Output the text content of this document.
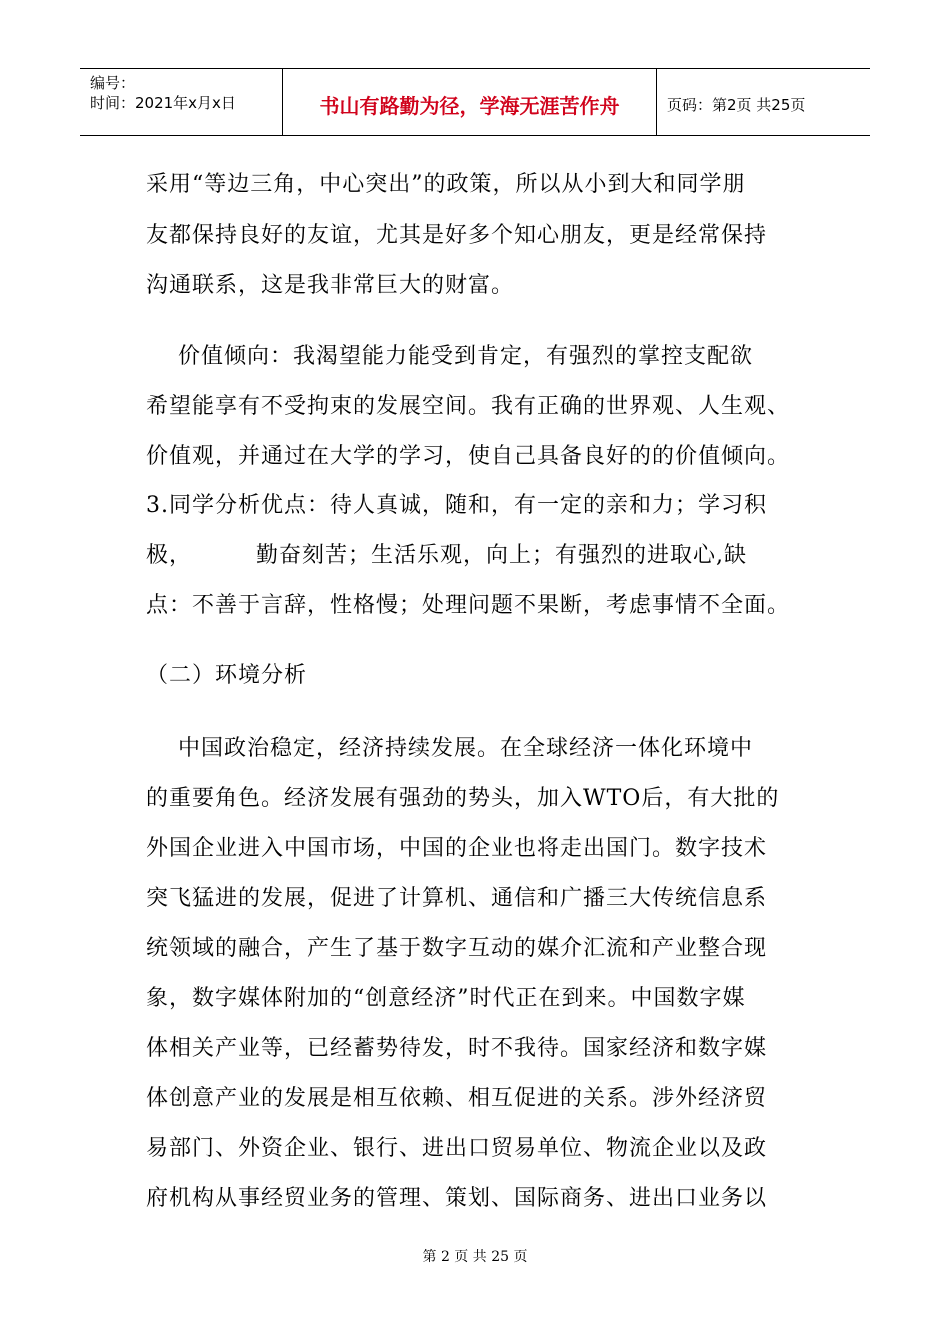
编号：
时间：2021年x月x日	书山有路勤为径，学海无涯苦作舟	页码：第2页 共25页
采用“等边三角，中心突出”的政策，所以从小到大和同学朋
友都保持良好的友谊，尤其是好多个知心朋友，更是经常保持
沟通联系，这是我非常巨大的财富。
价值倾向：我渴望能力能受到肯定，有强烈的掌控支配欲
希望能享有不受拘束的发展空间。我有正确的世界观、人生观、
价值观，并通过在大学的学习，使自己具备良好的的价值倾向。
3.同学分析优点：待人真诚，随和，有一定的亲和力；学习积
极，        勤奋刻苦；生活乐观，向上；有强烈的进取心,缺
点：不善于言辞，性格慢；处理问题不果断，考虑事情不全面。
（二）环境分析
中国政治稳定，经济持续发展。在全球经济一体化环境中
的重要角色。经济发展有强劲的势头，加入WTO后，有大批的
外国企业进入中国市场，中国的企业也将走出国门。数字技术
突飞猛进的发展，促进了计算机、通信和广播三大传统信息系
统领域的融合，产生了基于数字互动的媒介汇流和产业整合现
象，数字媒体附加的“创意经济”时代正在到来。中国数字媒
体相关产业等，已经蓄势待发，时不我待。国家经济和数字媒
体创意产业的发展是相互依赖、相互促进的关系。涉外经济贸
易部门、外资企业、银行、进出口贸易单位、物流企业以及政
府机构从事经贸业务的管理、策划、国际商务、进出口业务以
第 2 页 共 25 页
